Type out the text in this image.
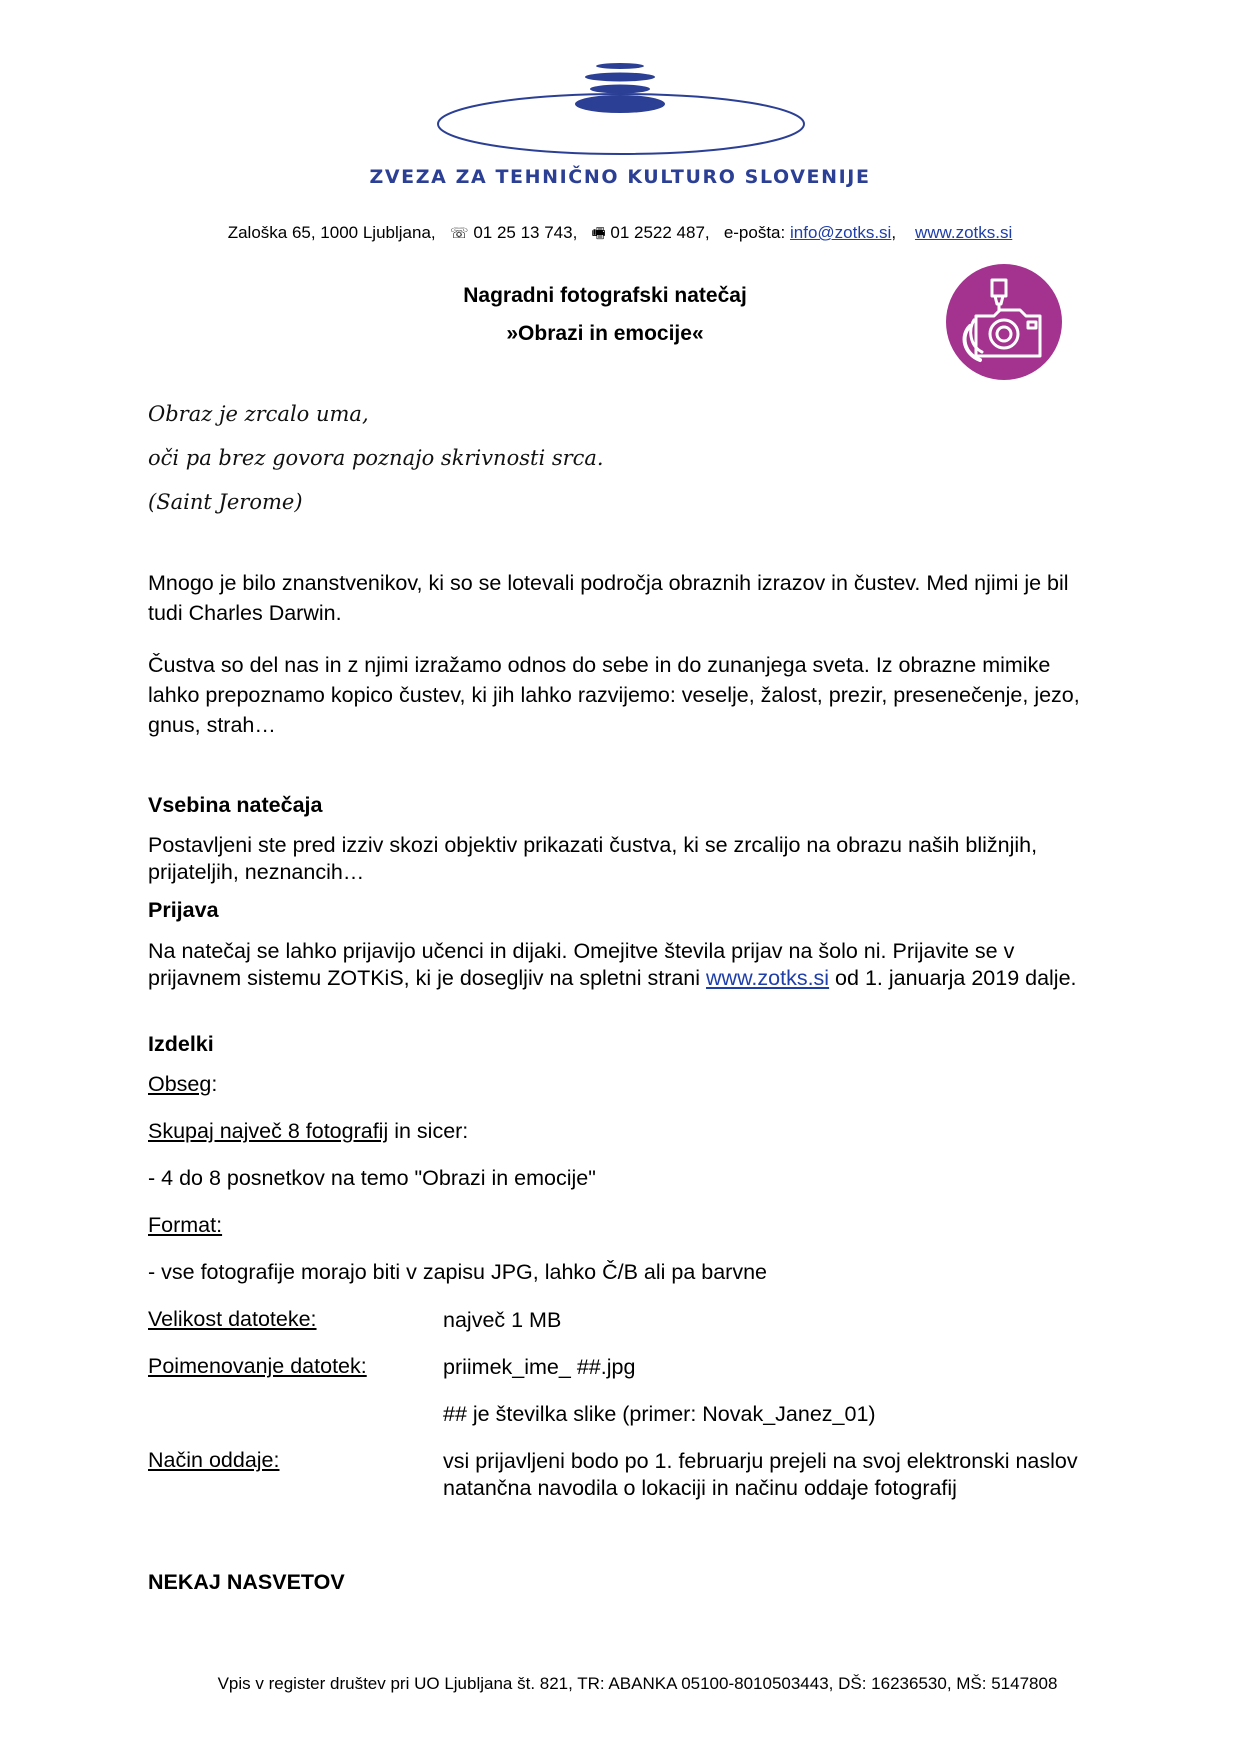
ZVEZA ZA TEHNIČNO KULTURO SLOVENIJE
Zaloška 65, 1000 Ljubljana, ☏ 01 25 13 743, 🖷 01 2522 487, e-pošta: info@zotks.si, www.zotks.si
Nagradni fotografski natečaj
»Obrazi in emocije«
Obraz je zrcalo uma,
oči pa brez govora poznajo skrivnosti srca.
(Saint Jerome)
Mnogo je bilo znanstvenikov, ki so se lotevali področja obraznih izrazov in čustev. Med njimi je bil tudi Charles Darwin.
Čustva so del nas in z njimi izražamo odnos do sebe in do zunanjega sveta. Iz obrazne mimike lahko prepoznamo kopico čustev, ki jih lahko razvijemo: veselje, žalost, prezir, presenečenje, jezo, gnus, strah…
Vsebina natečaja
Postavljeni ste pred izziv skozi objektiv prikazati čustva, ki se zrcalijo na obrazu naših bližnjih, prijateljih, neznancih…
Prijava
Na natečaj se lahko prijavijo učenci in dijaki. Omejitve števila prijav na šolo ni. Prijavite se v prijavnem sistemu ZOTKiS, ki je dosegljiv na spletni strani www.zotks.si od 1. januarja 2019 dalje.
Izdelki
Obseg:
Skupaj največ 8 fotografij in sicer:
- 4 do 8 posnetkov na temo "Obrazi in emocije"
Format:
- vse fotografije morajo biti v zapisu JPG, lahko Č/B ali pa barvne
Velikost datoteke:	največ 1 MB
Poimenovanje datotek:	priimek_ime_ ##.jpg
## je številka slike (primer: Novak_Janez_01)
Način oddaje:	vsi prijavljeni bodo po 1. februarju prejeli na svoj elektronski naslov natančna navodila o lokaciji in načinu oddaje fotografij
NEKAJ NASVETOV
Vpis v register društev pri UO Ljubljana št. 821, TR: ABANKA 05100-8010503443, DŠ: 16236530, MŠ: 5147808
